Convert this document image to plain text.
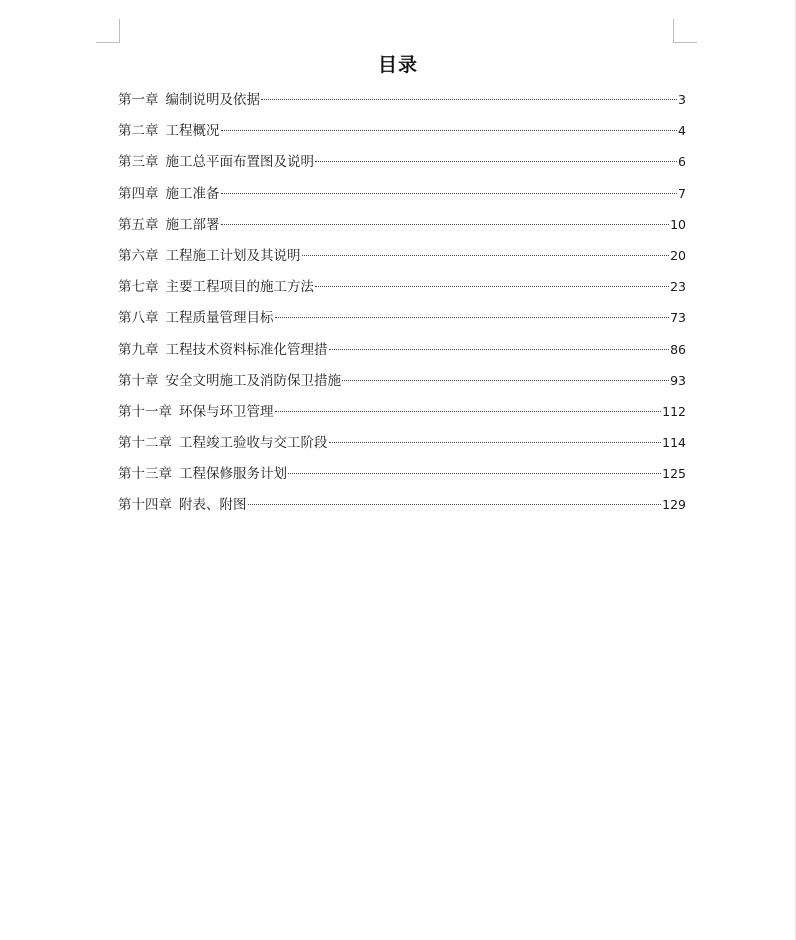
目录
第一章 编制说明及依据	3
第二章 工程概况	4
第三章 施工总平面布置图及说明	6
第四章 施工准备	7
第五章 施工部署	10
第六章 工程施工计划及其说明	20
第七章 主要工程项目的施工方法	23
第八章 工程质量管理目标	73
第九章 工程技术资料标准化管理措	86
第十章 安全文明施工及消防保卫措施	93
第十一章 环保与环卫管理	112
第十二章 工程竣工验收与交工阶段	114
第十三章 工程保修服务计划	125
第十四章 附表、附图	129
